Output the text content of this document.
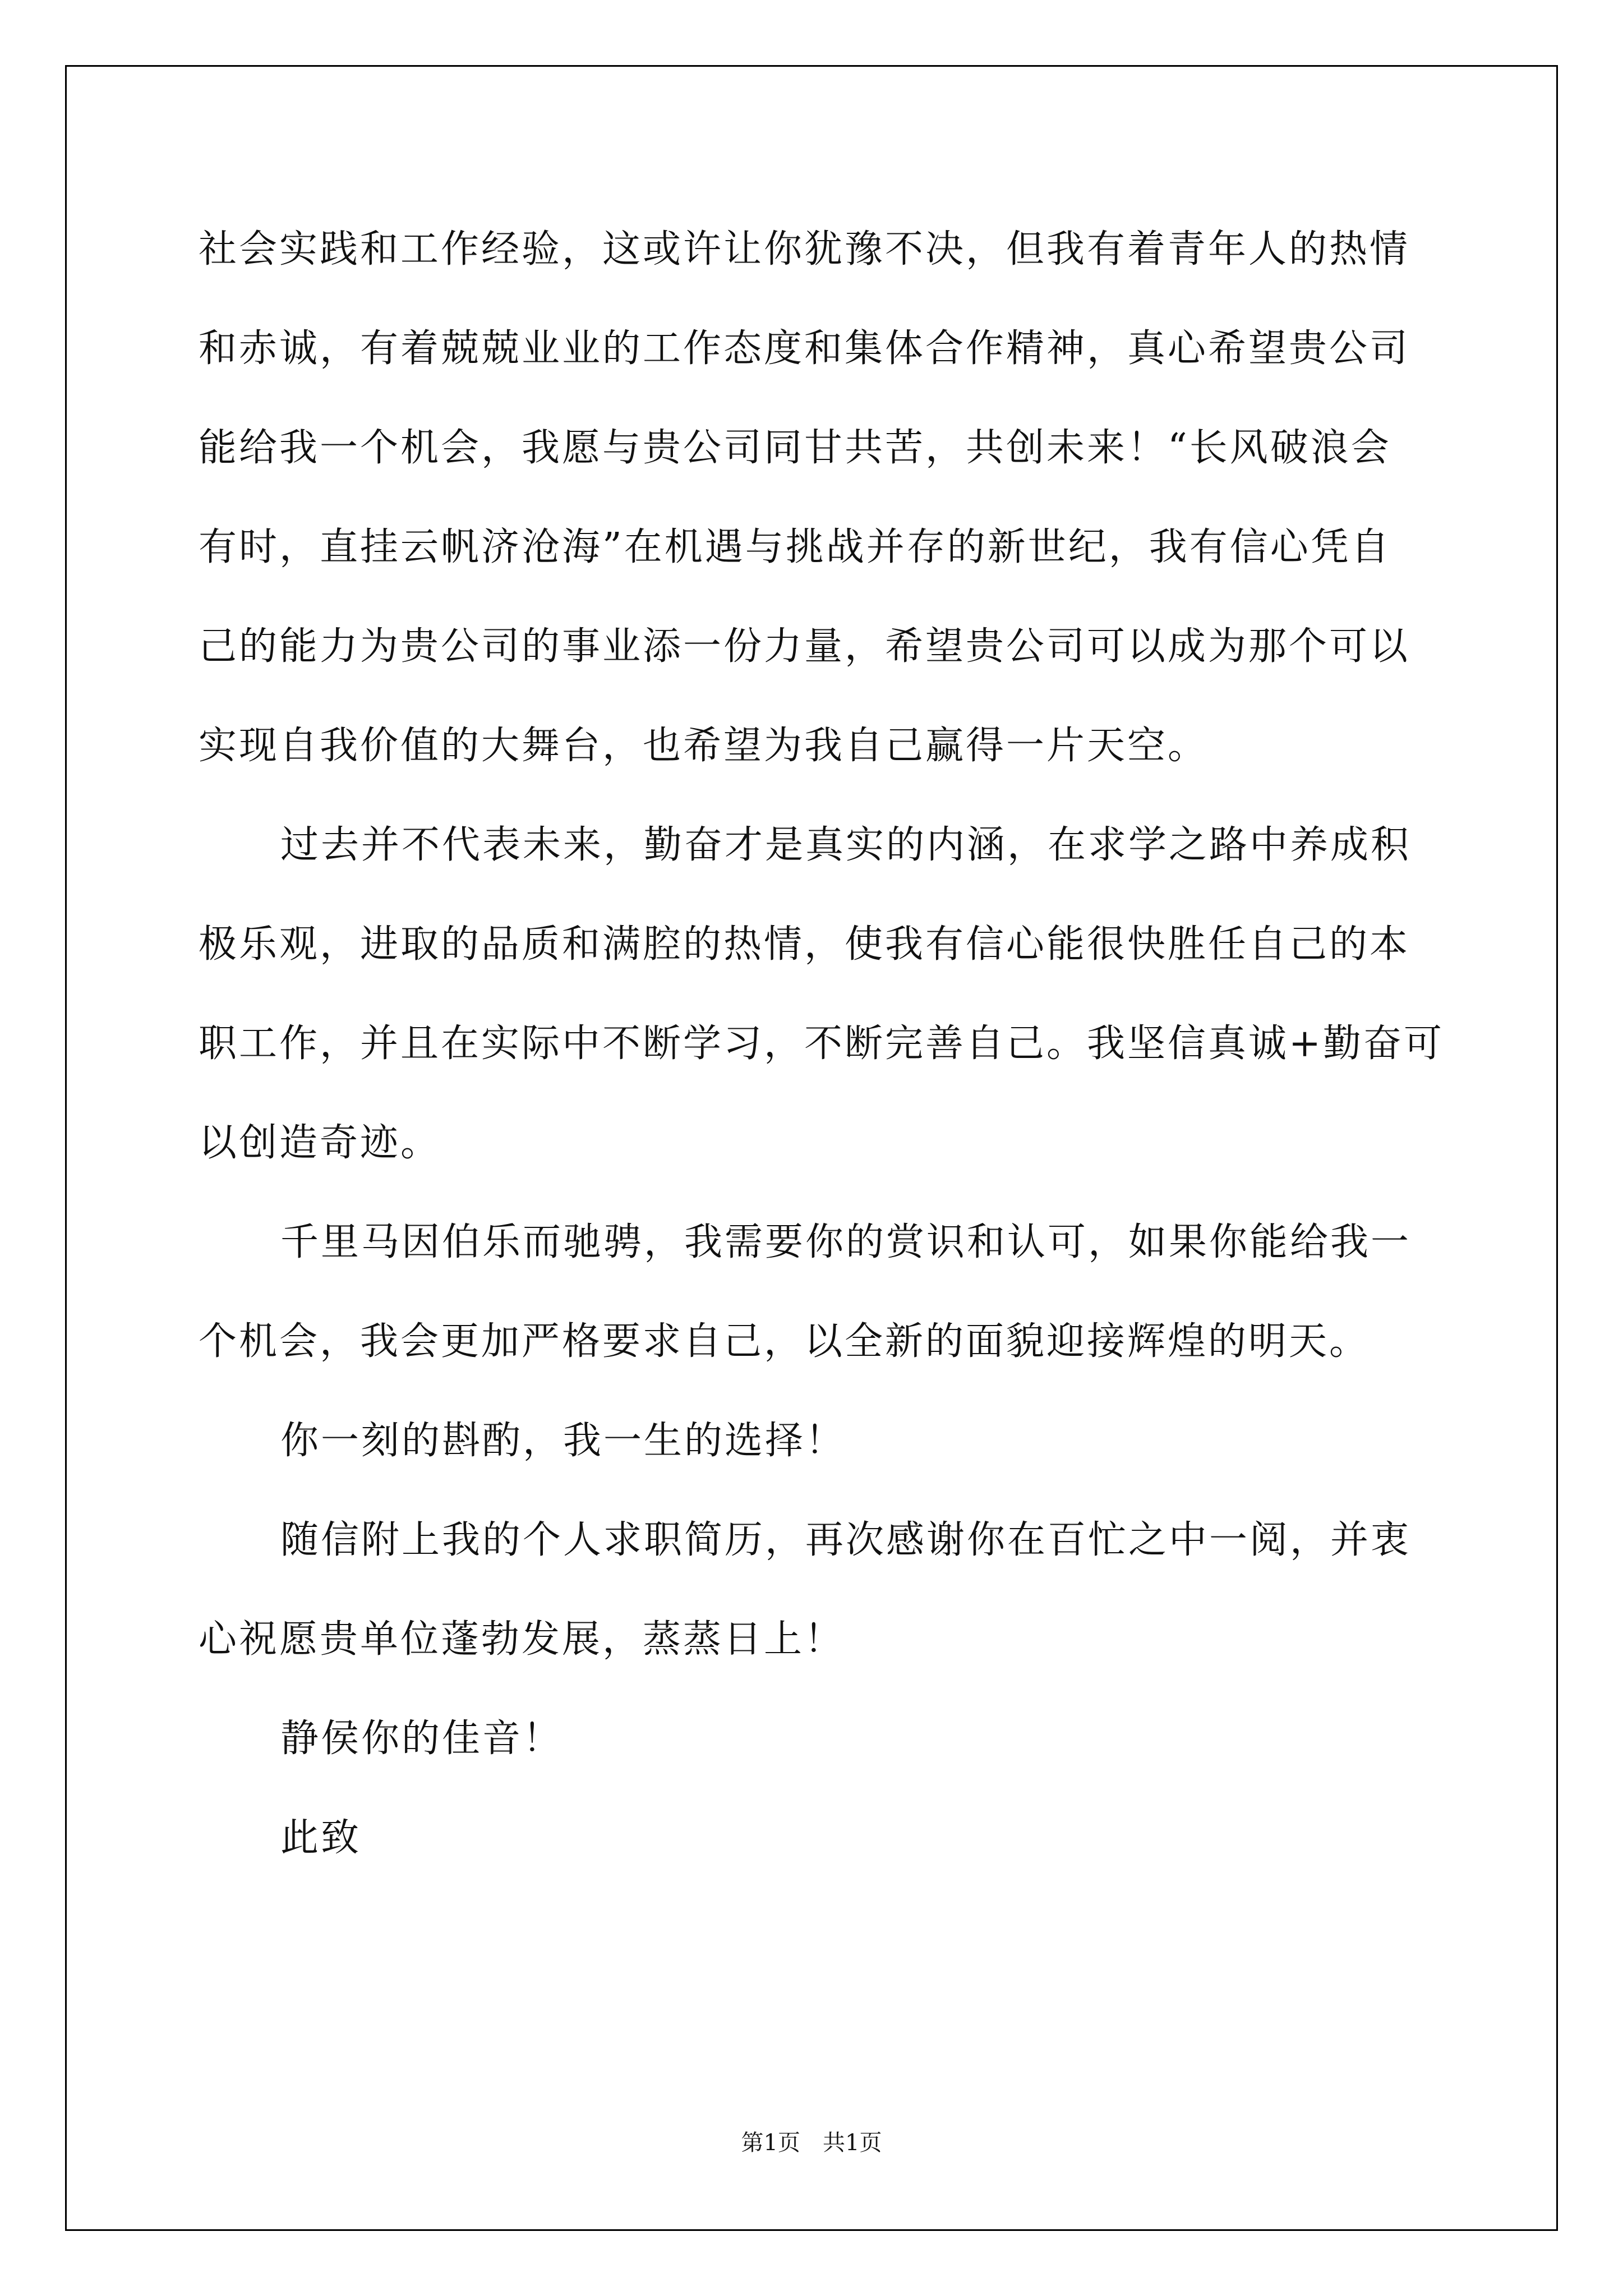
社会实践和工作经验，这或许让你犹豫不决，但我有着青年人的热情
和赤诚，有着兢兢业业的工作态度和集体合作精神，真心希望贵公司
能给我一个机会，我愿与贵公司同甘共苦，共创未来！“长风破浪会
有时，直挂云帆济沧海”在机遇与挑战并存的新世纪，我有信心凭自
己的能力为贵公司的事业添一份力量，希望贵公司可以成为那个可以
实现自我价值的大舞台，也希望为我自己赢得一片天空。
过去并不代表未来，勤奋才是真实的内涵，在求学之路中养成积
极乐观，进取的品质和满腔的热情，使我有信心能很快胜任自己的本
职工作，并且在实际中不断学习，不断完善自己。我坚信真诚+勤奋可
以创造奇迹。
千里马因伯乐而驰骋，我需要你的赏识和认可，如果你能给我一
个机会，我会更加严格要求自己，以全新的面貌迎接辉煌的明天。
你一刻的斟酌，我一生的选择！
随信附上我的个人求职简历，再次感谢你在百忙之中一阅，并衷
心祝愿贵单位蓬勃发展，蒸蒸日上！
静侯你的佳音！
此致
第1页　共1页
